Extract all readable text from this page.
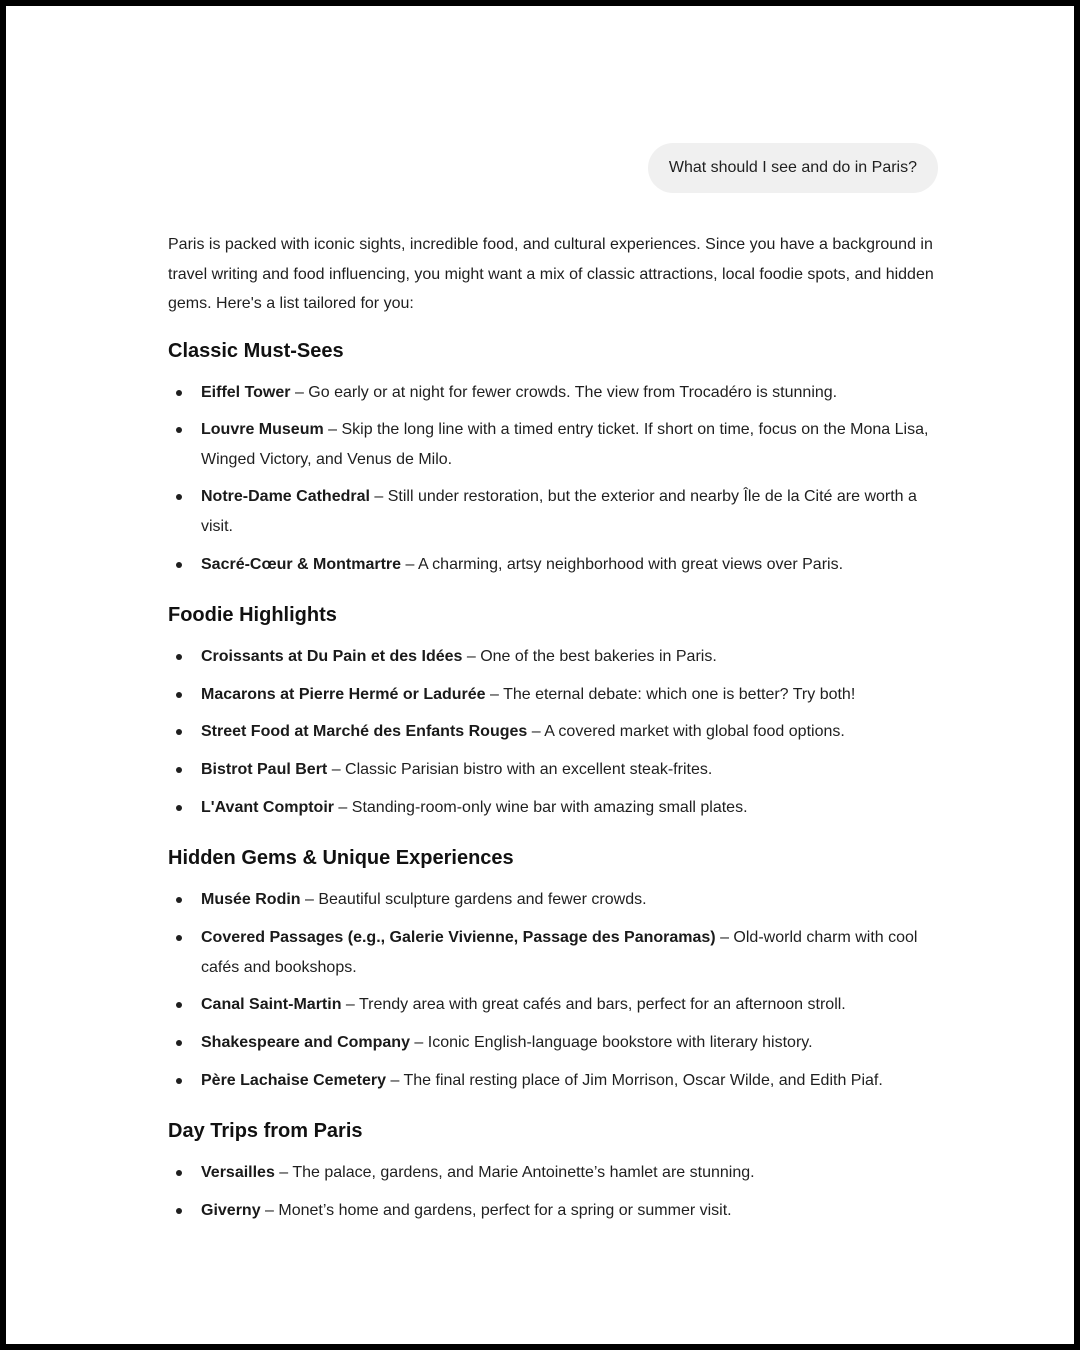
What should I see and do in Paris?

Paris is packed with iconic sights, incredible food, and cultural experiences. Since you have a background in travel writing and food influencing, you might want a mix of classic attractions, local foodie spots, and hidden gems. Here's a list tailored for you:

Classic Must-Sees
Eiffel Tower – Go early or at night for fewer crowds. The view from Trocadéro is stunning.
Louvre Museum – Skip the long line with a timed entry ticket. If short on time, focus on the Mona Lisa, Winged Victory, and Venus de Milo.
Notre-Dame Cathedral – Still under restoration, but the exterior and nearby Île de la Cité are worth a visit.
Sacré-Cœur & Montmartre – A charming, artsy neighborhood with great views over Paris.
Foodie Highlights
Croissants at Du Pain et des Idées – One of the best bakeries in Paris.
Macarons at Pierre Hermé or Ladurée – The eternal debate: which one is better? Try both!
Street Food at Marché des Enfants Rouges – A covered market with global food options.
Bistrot Paul Bert – Classic Parisian bistro with an excellent steak-frites.
L'Avant Comptoir – Standing-room-only wine bar with amazing small plates.
Hidden Gems & Unique Experiences
Musée Rodin – Beautiful sculpture gardens and fewer crowds.
Covered Passages (e.g., Galerie Vivienne, Passage des Panoramas) – Old-world charm with cool cafés and bookshops.
Canal Saint-Martin – Trendy area with great cafés and bars, perfect for an afternoon stroll.
Shakespeare and Company – Iconic English-language bookstore with literary history.
Père Lachaise Cemetery – The final resting place of Jim Morrison, Oscar Wilde, and Edith Piaf.
Day Trips from Paris
Versailles – The palace, gardens, and Marie Antoinette’s hamlet are stunning.
Giverny – Monet’s home and gardens, perfect for a spring or summer visit.
